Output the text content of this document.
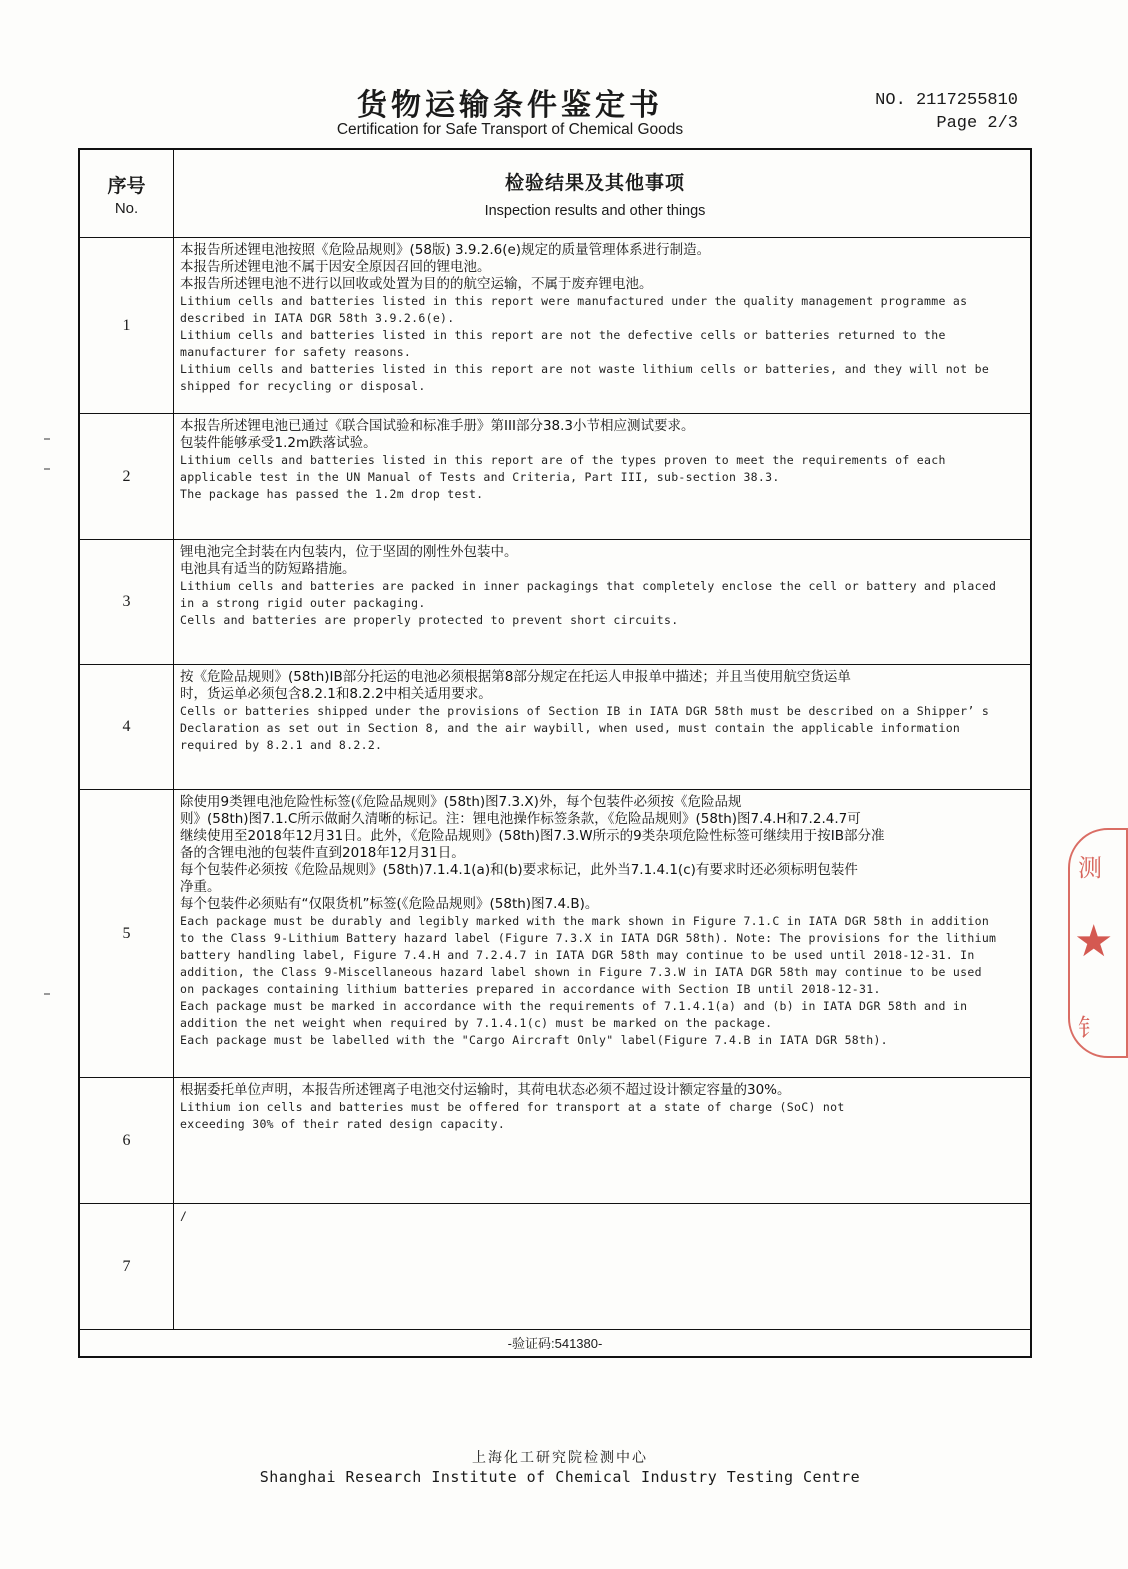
货物运输条件鉴定书
Certification for Safe Transport of Chemical Goods
NO. 2117255810
Page 2/3
序号
No.
检验结果及其他事项
Inspection results and other things
1
本报告所述锂电池按照《危险品规则》(58版) 3.9.2.6(e)规定的质量管理体系进行制造。
本报告所述锂电池不属于因安全原因召回的锂电池。
本报告所述锂电池不进行以回收或处置为目的的航空运输，不属于废弃锂电池。
Lithium cells and batteries listed in this report were manufactured under the quality management programme as
described in IATA DGR 58th 3.9.2.6(e).
Lithium cells and batteries listed in this report are not the defective cells or batteries returned to the
manufacturer for safety reasons.
Lithium cells and batteries listed in this report are not waste lithium cells or batteries, and they will not be
shipped for recycling or disposal.
2
本报告所述锂电池已通过《联合国试验和标准手册》第III部分38.3小节相应测试要求。
包装件能够承受1.2m跌落试验。
Lithium cells and batteries listed in this report are of the types proven to meet the requirements of each
applicable test in the UN Manual of Tests and Criteria, Part III, sub-section 38.3.
The package has passed the 1.2m drop test.
3
锂电池完全封装在内包装内，位于坚固的刚性外包装中。
电池具有适当的防短路措施。
Lithium cells and batteries are packed in inner packagings that completely enclose the cell or battery and placed
in a strong rigid outer packaging.
Cells and batteries are properly protected to prevent short circuits.
4
按《危险品规则》(58th)IB部分托运的电池必须根据第8部分规定在托运人申报单中描述；并且当使用航空货运单
时，货运单必须包含8.2.1和8.2.2中相关适用要求。
Cells or batteries shipped under the provisions of Section IB in IATA DGR 58th must be described on a Shipper’ s
Declaration as set out in Section 8, and the air waybill, when used, must contain the applicable information
required by 8.2.1 and 8.2.2.
5
除使用9类锂电池危险性标签(《危险品规则》(58th)图7.3.X)外，每个包装件必须按《危险品规
则》(58th)图7.1.C所示做耐久清晰的标记。注：锂电池操作标签条款，《危险品规则》(58th)图7.4.H和7.2.4.7可
继续使用至2018年12月31日。此外，《危险品规则》(58th)图7.3.W所示的9类杂项危险性标签可继续用于按IB部分准
备的含锂电池的包装件直到2018年12月31日。
每个包装件必须按《危险品规则》(58th)7.1.4.1(a)和(b)要求标记，此外当7.1.4.1(c)有要求时还必须标明包装件
净重。
每个包装件必须贴有“仅限货机”标签(《危险品规则》(58th)图7.4.B)。
Each package must be durably and legibly marked with the mark shown in Figure 7.1.C in IATA DGR 58th in addition
to the Class 9-Lithium Battery hazard label (Figure 7.3.X in IATA DGR 58th). Note: The provisions for the lithium
battery handling label, Figure 7.4.H and 7.2.4.7 in IATA DGR 58th may continue to be used until 2018-12-31. In
addition, the Class 9-Miscellaneous hazard label shown in Figure 7.3.W in IATA DGR 58th may continue to be used
on packages containing lithium batteries prepared in accordance with Section IB until 2018-12-31.
Each package must be marked in accordance with the requirements of 7.1.4.1(a) and (b) in IATA DGR 58th and in
addition the net weight when required by 7.1.4.1(c) must be marked on the package.
Each package must be labelled with the "Cargo Aircraft Only" label(Figure 7.4.B in IATA DGR 58th).
6
根据委托单位声明，本报告所述锂离子电池交付运输时，其荷电状态必须不超过设计额定容量的30%。
Lithium ion cells and batteries must be offered for transport at a state of charge (SoC) not
exceeding 30% of their rated design capacity.
7
/
-验证码:541380-
上海化工研究院检测中心
Shanghai Research Institute of Chemical Industry Testing Centre
测
★
钅
